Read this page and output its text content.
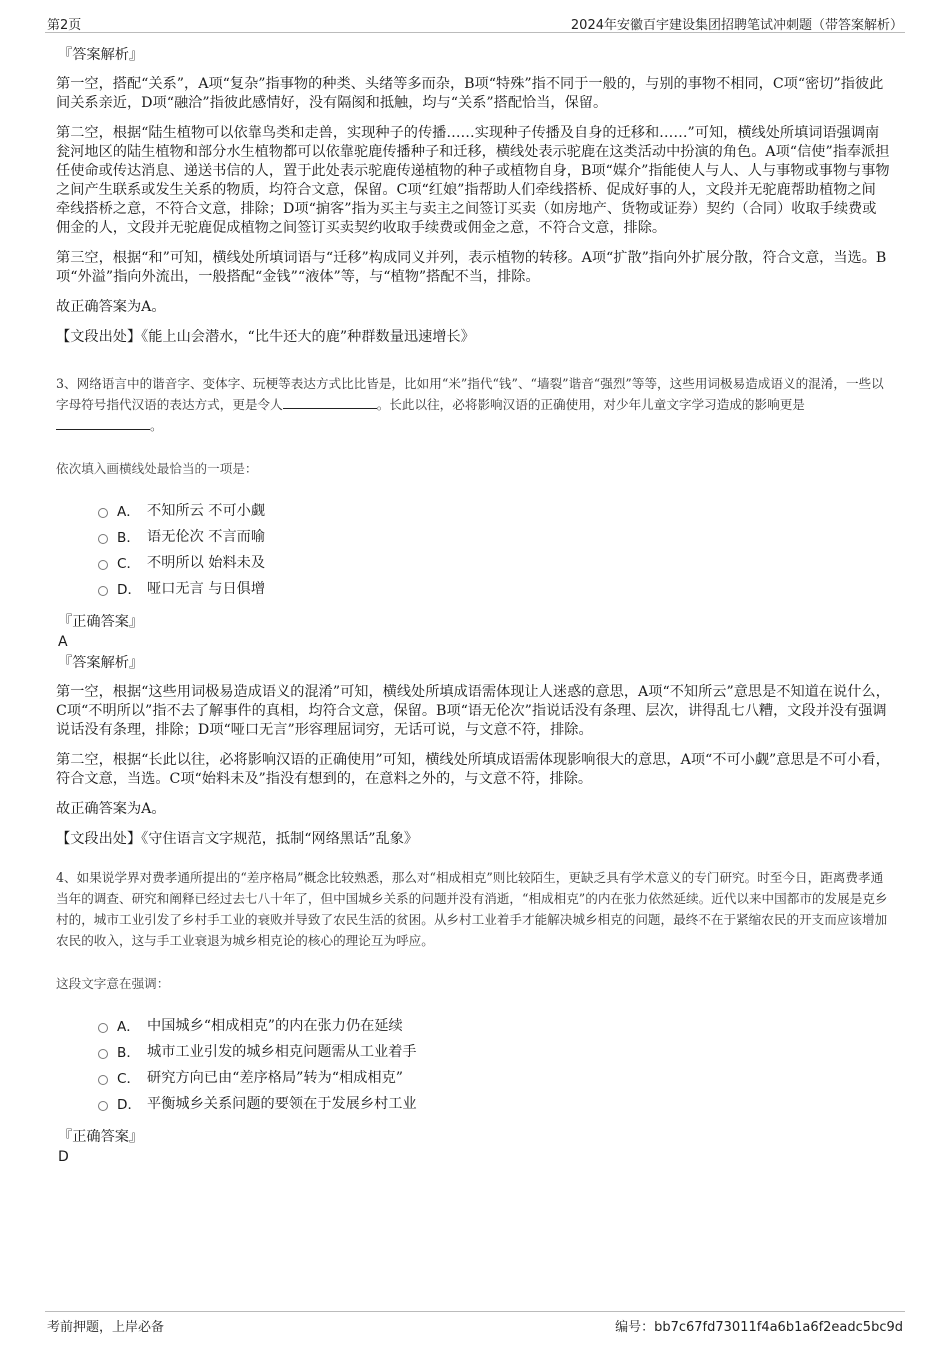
第2页	2024年安徽百宇建设集团招聘笔试冲刺题（带答案解析）

『答案解析』

第一空，搭配“关系”，A项“复杂”指事物的种类、头绪等多而杂，B项“特殊”指不同于一般的，与别的事物不相同，C项“密切”指彼此间关系亲近，D项“融洽”指彼此感情好，没有隔阂和抵触，均与“关系”搭配恰当，保留。

第二空，根据“陆生植物可以依靠鸟类和走兽，实现种子的传播……实现种子传播及自身的迁移和……”可知，横线处所填词语强调南瓮河地区的陆生植物和部分水生植物都可以依靠驼鹿传播种子和迁移，横线处表示驼鹿在这类活动中扮演的角色。A项“信使”指奉派担任使命或传达消息、递送书信的人，置于此处表示驼鹿传递植物的种子或植物自身，B项“媒介”指能使人与人、人与事物或事物与事物之间产生联系或发生关系的物质，均符合文意，保留。C项“红娘”指帮助人们牵线搭桥、促成好事的人，文段并无驼鹿帮助植物之间牵线搭桥之意，不符合文意，排除；D项“掮客”指为买主与卖主之间签订买卖（如房地产、货物或证券）契约（合同）收取手续费或佣金的人，文段并无驼鹿促成植物之间签订买卖契约收取手续费或佣金之意，不符合文意，排除。

第三空，根据“和”可知，横线处所填词语与“迁移”构成同义并列，表示植物的转移。A项“扩散”指向外扩展分散，符合文意，当选。B项“外溢”指向外流出，一般搭配“金钱”“液体”等，与“植物”搭配不当，排除。

故正确答案为A。

【文段出处】《能上山会潜水，“比牛还大的鹿”种群数量迅速增长》

3、网络语言中的谐音字、变体字、玩梗等表达方式比比皆是，比如用“米”指代“钱”、“墙裂”谐音“强烈”等等，这些用词极易造成语义的混淆，一些以字母符号指代汉语的表达方式，更是令人	。长此以往，必将影响汉语的正确使用，对少年儿童文字学习造成的影响更是
。

依次填入画横线处最恰当的一项是：

A． 不知所云 不可小觑
B． 语无伦次 不言而喻
C． 不明所以 始料未及
D． 哑口无言 与日俱增

『正确答案』

A

『答案解析』

第一空，根据“这些用词极易造成语义的混淆”可知，横线处所填成语需体现让人迷惑的意思，A项“不知所云”意思是不知道在说什么，C项“不明所以”指不去了解事件的真相，均符合文意，保留。B项“语无伦次”指说话没有条理、层次，讲得乱七八糟，文段并没有强调说话没有条理，排除；D项“哑口无言”形容理屈词穷，无话可说，与文意不符，排除。

第二空，根据“长此以往，必将影响汉语的正确使用”可知，横线处所填成语需体现影响很大的意思，A项“不可小觑”意思是不可小看，符合文意，当选。C项“始料未及”指没有想到的，在意料之外的，与文意不符，排除。

故正确答案为A。

【文段出处】《守住语言文字规范，抵制“网络黑话”乱象》

4、如果说学界对费孝通所提出的“差序格局”概念比较熟悉，那么对“相成相克”则比较陌生，更缺乏具有学术意义的专门研究。时至今日，距离费孝通当年的调查、研究和阐释已经过去七八十年了，但中国城乡关系的问题并没有消逝，“相成相克”的内在张力依然延续。近代以来中国都市的发展是克乡村的，城市工业引发了乡村手工业的衰败并导致了农民生活的贫困。从乡村工业着手才能解决城乡相克的问题，最终不在于紧缩农民的开支而应该增加农民的收入，这与手工业衰退为城乡相克论的核心的理论互为呼应。

这段文字意在强调：

A． 中国城乡“相成相克”的内在张力仍在延续
B． 城市工业引发的城乡相克问题需从工业着手
C． 研究方向已由“差序格局”转为“相成相克”
D． 平衡城乡关系问题的要领在于发展乡村工业

『正确答案』

D

考前押题，上岸必备	编号：bb7c67fd73011f4a6b1a6f2eadc5bc9d
